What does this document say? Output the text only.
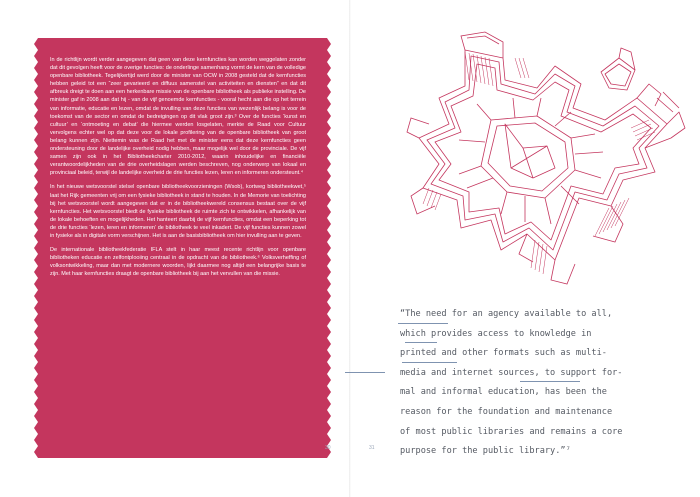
In de richtlijn wordt verder aangegeven dat geen van deze kernfuncties kan worden weggelaten zonder dat dit gevolgen heeft voor de overige functies: de onderlinge samenhang vormt de kern van de volledige openbare bibliotheek. Tegelijkertijd werd door de minister van OCW in 2008 gesteld dat de kernfuncties hebben geleid tot een “zeer gevarieerd en diffuus samenstel van activiteiten en diensten” en dat dit afbreuk dreigt te doen aan een herkenbare missie van de openbare bibliotheek als publieke instelling. De minister gaf in 2008 aan dat hij - van de vijf genoemde kernfuncties - vooral hecht aan die op het terrein van informatie, educatie en lezen, omdat de invulling van deze functies van wezenlijk belang is voor de toekomst van de sector en omdat de bedreigingen op dit vlak groot zijn.³ Over de functies ‘kunst en cultuur’ en ‘ontmoeting en debat’ die hiermee werden losgelaten, merkte de Raad voor Cultuur vervolgens echter wel op dat deze voor de lokale profilering van de openbare bibliotheek van groot belang kunnen zijn. Niettemin was de Raad het met de minister eens dat deze kernfuncties geen ondersteuning door de landelijke overheid nodig hebben, maar mogelijk wel door de provinciale. De vijf samen zijn ook in het Bibliotheekcharter 2010-2012, waarin inhoudelijke en financiële verantwoordelijkheden van de drie overheidslagen werden beschreven, nog onderwerp van lokaal en provinciaal beleid, terwijl de landelijke overheid de drie functies lezen, leren en informeren ondersteunt.⁴

In het nieuwe wetsvoorstel stelsel openbare bibliotheekvoorzieningen (Wsob), kortweg bibliotheekwet,⁵ laat het Rijk gemeenten vrij om een fysieke bibliotheek in stand te houden. In de Memorie van toelichting bij het wetsvoorstel wordt aangegeven dat er in de bibliotheekwereld consensus bestaat over de vijf kernfuncties. Het wetsvoorstel biedt de fysieke bibliotheek de ruimte zich te ontwikkelen, afhankelijk van de lokale behoeften en mogelijkheden. Het hanteert daarbij de vijf kernfuncties, omdat een beperking tot de drie functies ‘lezen, leren en informeren’ de bibliotheek te veel inkadert. De vijf functies kunnen zowel in fysieke als in digitale vorm verschijnen. Het is aan de basisbibliotheek om hier invulling aan te geven.

De internationale bibliotheekfederatie IFLA stelt in haar meest recente richtlijn voor openbare bibliotheken educatie en zelfontplooiing centraal in de opdracht van de bibliotheek.⁶ Volksverheffing of volksontwikkeling, maar dan met modernere woorden, lijkt daarmee nog altijd een belangrijke basis te zijn. Met haar kernfuncties draagt de openbare bibliotheek bij aan het vervullen van die missie.

30

“The need for an agency available to all,

which provides access to knowledge in

printed and other formats such as multi-

media and internet sources, to support for-

mal and informal education, has been the

reason for the foundation and maintenance

of most public libraries and remains a core

purpose for the public library.”⁷

31
